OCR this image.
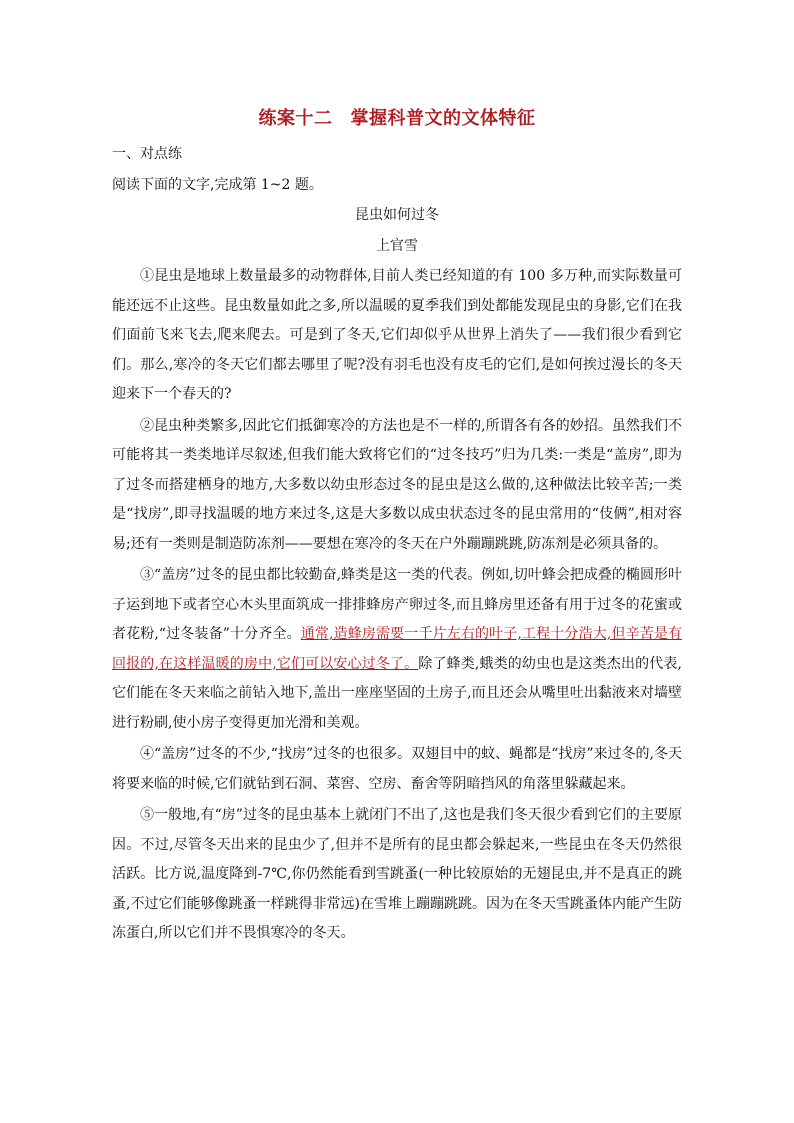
练案十二 掌握科普文的文体特征
一、对点练
阅读下面的文字,完成第 1~2 题。
昆虫如何过冬
上官雪

①昆虫是地球上数量最多的动物群体,目前人类已经知道的有 100 多万种,而实际数量可能还远不止这些。昆虫数量如此之多,所以温暖的夏季我们到处都能发现昆虫的身影,它们在我们面前飞来飞去,爬来爬去。可是到了冬天,它们却似乎从世界上消失了——我们很少看到它们。那么,寒冷的冬天它们都去哪里了呢?没有羽毛也没有皮毛的它们,是如何挨过漫长的冬天迎来下一个春天的?

②昆虫种类繁多,因此它们抵御寒冷的方法也是不一样的,所谓各有各的妙招。虽然我们不可能将其一类类地详尽叙述,但我们能大致将它们的“过冬技巧”归为几类:一类是“盖房”,即为了过冬而搭建栖身的地方,大多数以幼虫形态过冬的昆虫是这么做的,这种做法比较辛苦;一类是“找房”,即寻找温暖的地方来过冬,这是大多数以成虫状态过冬的昆虫常用的“伎俩”,相对容易;还有一类则是制造防冻剂——要想在寒冷的冬天在户外蹦蹦跳跳,防冻剂是必须具备的。

③“盖房”过冬的昆虫都比较勤奋,蜂类是这一类的代表。例如,切叶蜂会把成叠的椭圆形叶子运到地下或者空心木头里面筑成一排排蜂房产卵过冬,而且蜂房里还备有用于过冬的花蜜或者花粉,“过冬装备”十分齐全。通常,造蜂房需要一千片左右的叶子,工程十分浩大,但辛苦是有回报的,在这样温暖的房中,它们可以安心过冬了。除了蜂类,蛾类的幼虫也是这类杰出的代表,它们能在冬天来临之前钻入地下,盖出一座座坚固的土房子,而且还会从嘴里吐出黏液来对墙壁进行粉刷,使小房子变得更加光滑和美观。

④“盖房”过冬的不少,“找房”过冬的也很多。双翅目中的蚊、蝇都是“找房”来过冬的,冬天将要来临的时候,它们就钻到石洞、菜窖、空房、畜舍等阴暗挡风的角落里躲藏起来。

⑤一般地,有“房”过冬的昆虫基本上就闭门不出了,这也是我们冬天很少看到它们的主要原因。不过,尽管冬天出来的昆虫少了,但并不是所有的昆虫都会躲起来,一些昆虫在冬天仍然很活跃。比方说,温度降到-7℃,你仍然能看到雪跳蚤(一种比较原始的无翅昆虫,并不是真正的跳蚤,不过它们能够像跳蚤一样跳得非常远)在雪堆上蹦蹦跳跳。因为在冬天雪跳蚤体内能产生防冻蛋白,所以它们并不畏惧寒冷的冬天。
